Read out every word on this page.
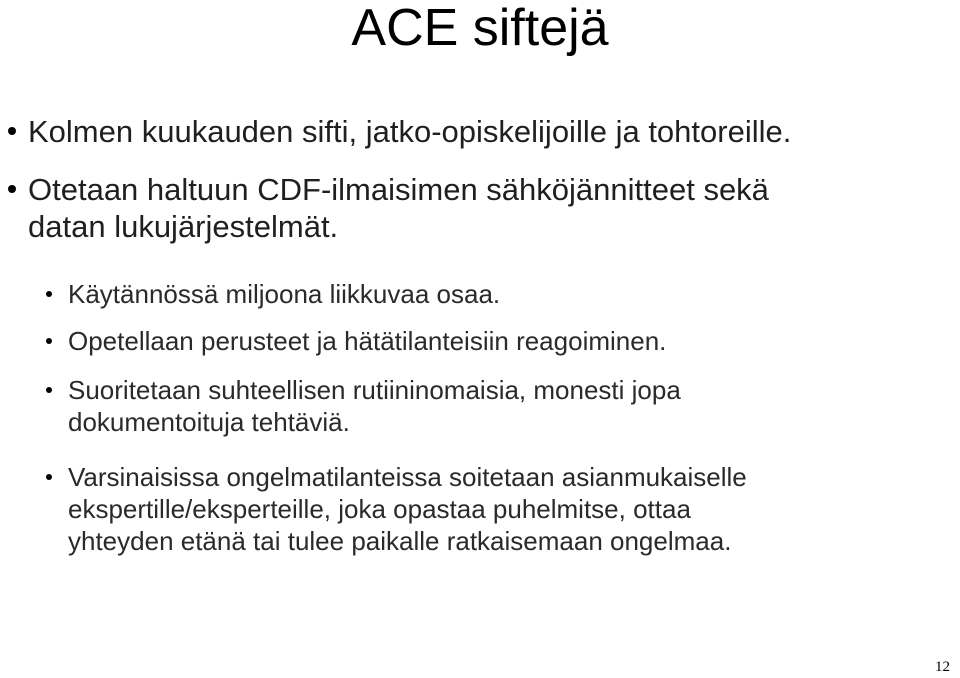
ACE siftejä
Kolmen kuukauden sifti, jatko-opiskelijoille ja tohtoreille.
Otetaan haltuun CDF-ilmaisimen sähköjännitteet sekä
datan lukujärjestelmät.
Käytännössä miljoona liikkuvaa osaa.
Opetellaan perusteet ja hätätilanteisiin reagoiminen.
Suoritetaan suhteellisen rutiininomaisia, monesti jopa
dokumentoituja tehtäviä.
Varsinaisissa ongelmatilanteissa soitetaan asianmukaiselle
ekspertille/eksperteille, joka opastaa puhelmitse, ottaa
yhteyden etänä tai tulee paikalle ratkaisemaan ongelmaa.
12
